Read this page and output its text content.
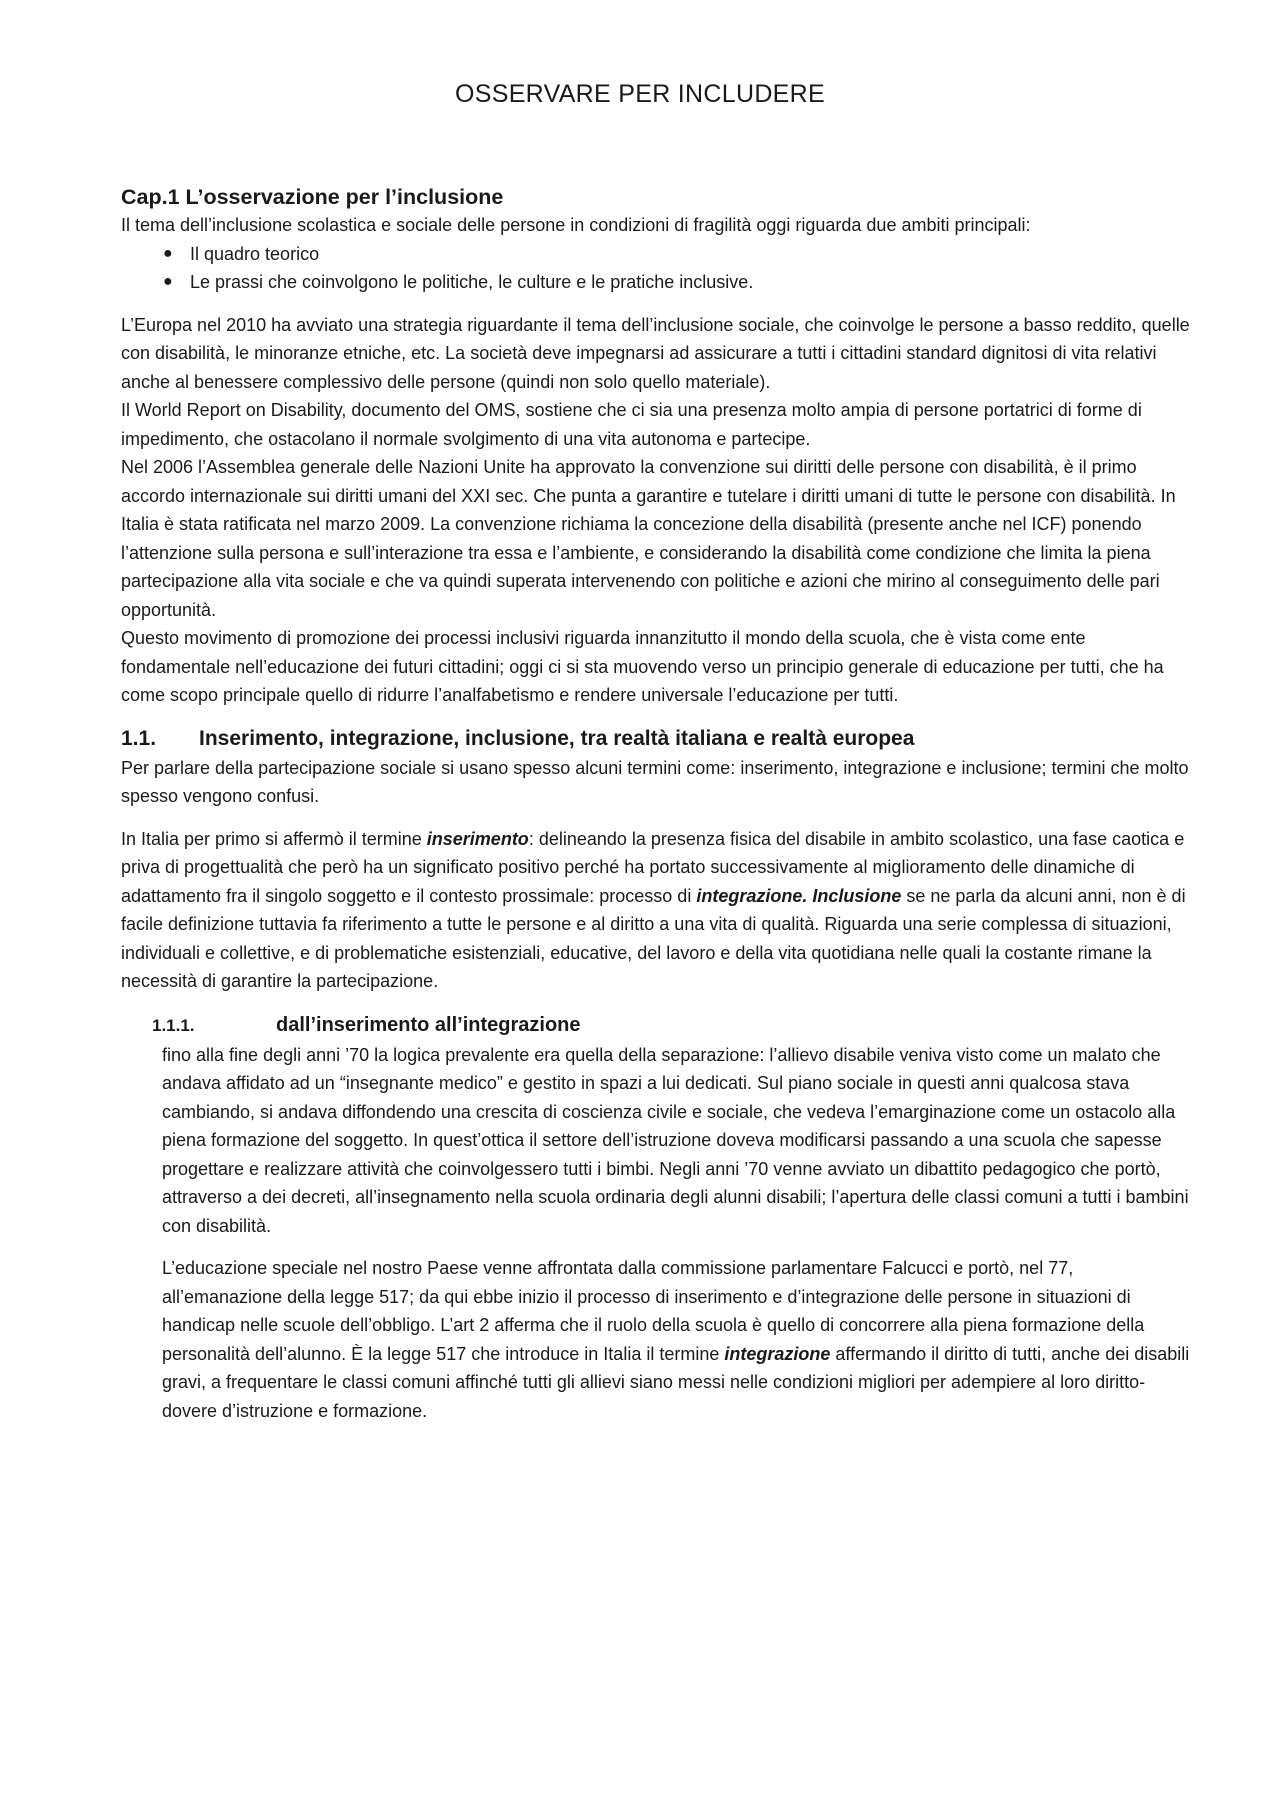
OSSERVARE PER INCLUDERE
Cap.1 L’osservazione per l’inclusione

Il tema dell’inclusione scolastica e sociale delle persone in condizioni di fragilità oggi riguarda due ambiti principali:

● Il quadro teorico
● Le prassi che coinvolgono le politiche, le culture e le pratiche inclusive.

L’Europa nel 2010 ha avviato una strategia riguardante il tema dell’inclusione sociale, che coinvolge le persone a basso reddito, quelle con disabilità, le minoranze etniche, etc. La società deve impegnarsi ad assicurare a tutti i cittadini standard dignitosi di vita relativi anche al benessere complessivo delle persone (quindi non solo quello materiale).

Il World Report on Disability, documento del OMS, sostiene che ci sia una presenza molto ampia di persone portatrici di forme di impedimento, che ostacolano il normale svolgimento di una vita autonoma e partecipe.

Nel 2006 l’Assemblea generale delle Nazioni Unite ha approvato la convenzione sui diritti delle persone con disabilità, è il primo accordo internazionale sui diritti umani del XXI sec. Che punta a garantire e tutelare i diritti umani di tutte le persone con disabilità. In Italia è stata ratificata nel marzo 2009. La convenzione richiama la concezione della disabilità (presente anche nel ICF) ponendo l’attenzione sulla persona e sull’interazione tra essa e l’ambiente, e considerando la disabilità come condizione che limita la piena partecipazione alla vita sociale e che va quindi superata intervenendo con politiche e azioni che mirino al conseguimento delle pari opportunità.

Questo movimento di promozione dei processi inclusivi riguarda innanzitutto il mondo della scuola, che è vista come ente fondamentale nell’educazione dei futuri cittadini; oggi ci si sta muovendo verso un principio generale di educazione per tutti, che ha come scopo principale quello di ridurre l’analfabetismo e rendere universale l’educazione per tutti.

1.1. Inserimento, integrazione, inclusione, tra realtà italiana e realtà europea

Per parlare della partecipazione sociale si usano spesso alcuni termini come: inserimento, integrazione e inclusione; termini che molto spesso vengono confusi.

In Italia per primo si affermò il termine inserimento: delineando la presenza fisica del disabile in ambito scolastico, una fase caotica e priva di progettualità che però ha un significato positivo perché ha portato successivamente al miglioramento delle dinamiche di adattamento fra il singolo soggetto e il contesto prossimale: processo di integrazione. Inclusione se ne parla da alcuni anni, non è di facile definizione tuttavia fa riferimento a tutte le persone e al diritto a una vita di qualità. Riguarda una serie complessa di situazioni, individuali e collettive, e di problematiche esistenziali, educative, del lavoro e della vita quotidiana nelle quali la costante rimane la necessità di garantire la partecipazione.

1.1.1.	dall’inserimento all’integrazione

fino alla fine degli anni ’70 la logica prevalente era quella della separazione: l’allievo disabile veniva visto come un malato che andava affidato ad un “insegnante medico” e gestito in spazi a lui dedicati. Sul piano sociale in questi anni qualcosa stava cambiando, si andava diffondendo una crescita di coscienza civile e sociale, che vedeva l’emarginazione come un ostacolo alla piena formazione del soggetto. In quest’ottica il settore dell’istruzione doveva modificarsi passando a una scuola che sapesse progettare e realizzare attività che coinvolgessero tutti i bimbi. Negli anni ’70 venne avviato un dibattito pedagogico che portò, attraverso a dei decreti, all’insegnamento nella scuola ordinaria degli alunni disabili; l’apertura delle classi comuni a tutti i bambini con disabilità.

L’educazione speciale nel nostro Paese venne affrontata dalla commissione parlamentare Falcucci e portò, nel 77, all’emanazione della legge 517; da qui ebbe inizio il processo di inserimento e d’integrazione delle persone in situazioni di handicap nelle scuole dell’obbligo. L’art 2 afferma che il ruolo della scuola è quello di concorrere alla piena formazione della personalità dell’alunno. È la legge 517 che introduce in Italia il termine integrazione affermando il diritto di tutti, anche dei disabili gravi, a frequentare le classi comuni affinché tutti gli allievi siano messi nelle condizioni migliori per adempiere al loro diritto- dovere d’istruzione e formazione.
